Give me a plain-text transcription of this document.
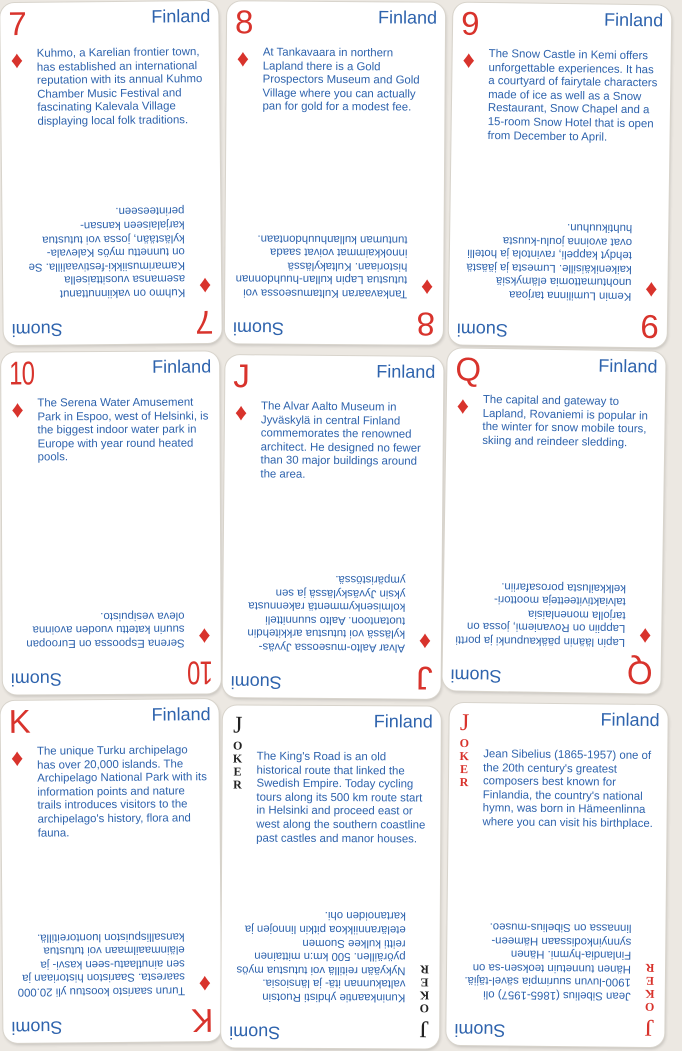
7
♦
Finland
Kuhmo, a Karelian frontier town, has established an international reputation with its annual Kuhmo Chamber Music Festival and fascinating Kalevala Village displaying local folk traditions.
7
♦
Suomi
Kuhmo on vakiinnuttanut asemansa vuosittaisella Kamarimusiikki-festivaalilla. Se on tunnettu myös Kalevala-kylästään, jossa voi tutustua karjalaiseen kansan-perinteeseen.
8
♦
Finland
At Tankavaara in northern Lapland there is a Gold Prospectors Museum and Gold Village where you can actually pan for gold for a modest fee.
8
♦
Suomi
Tankavaaran Kultamuseossa voi tutustua Lapin kullan-huuhdonnan historiaan. Kultakylässä innokkaimmat voivat saada tuntuman kullanhuuhdontaan.
9
♦
Finland
The Snow Castle in Kemi offers unforgettable experiences. It has a courtyard of fairytale characters made of ice as well as a Snow Restaurant, Snow Chapel and a 15-room Snow Hotel that is open from December to April.
9
♦
Suomi
Kemin Lumilinna tarjoaa unohtumattomia elämyksiä kaikenikäisille. Lumesta ja jäästä tehdyt kappeli, ravintola ja hotelli ovat avoinna joulu-kuusta huhtikuuhun.
10
♦
Finland
The Serena Water Amusement Park in Espoo, west of Helsinki, is the biggest indoor water park in Europe with year round heated pools.
10
♦
Suomi
Serena Espoossa on Euroopan suurin katettu vuoden avoinna oleva vesipuisto.
J
♦
Finland
The Alvar Aalto Museum in Jyväskylä in central Finland commemorates the renowned architect. He designed no fewer than 30 major buildings around the area.
J
♦
Suomi
Alvar Aalto-museossa Jyväs-kylässä voi tutustua arkkitehdin tuotantoon. Aalto suunnitteli kolmisenkymmentä rakennusta yksin Jyväskylässä ja sen ympäristössä.
Q
♦
Finland
The capital and gateway to Lapland, Rovaniemi is popular in the winter for snow mobile tours, skiing and reindeer sledding.
Q
♦
Suomi
Lapin läänin pääkaupunki ja portti Lappiin on Rovaniemi, jossa on tarjolla monenlaisia talviaktiviteetteja moottori-kelkkailusta porosafariin.
K
♦
Finland
The unique Turku archipelago has over 20,000 islands. The Archipelago National Park with its information points and nature trails introduces visitors to the archipelago's history, flora and fauna.
K
♦
Suomi
Turun saaristo koostuu yli 20.000 saaresta. Saariston historiaan ja sen ainutlaatu-seen kasvi- ja eläinmaailmaan voi tutustua kansallispuiston luontoreitillä.
J
O
K
E
R
Finland
The King's Road is an old historical route that linked the Swedish Empire. Today cycling tours along its 500 km route start in Helsinki and proceed east or west along the southern coastline past castles and manor houses.
J
O
K
E
R
Suomi
Kuninkaantie yhdisti Ruotsin valtakunnan itä- ja länsiosia. Nykyään reitillä voi tutustua myös pyöräillen. 500 km:n mittainen reitti kulkee Suomen eteläranniikkoa pitkin linnojen ja kartanoiden ohi.
J
O
K
E
R
Finland
Jean Sibelius (1865-1957) one of the 20th century's greatest composers best known for Finlandia, the country's national hymn, was born in Hämeenlinna where you can visit his birthplace.
J
O
K
E
R
Suomi
Jean Sibelius (1865-1957) oli 1900-luvun suurimpia sävel-täjiä. Hänen tunnetuin teoksen-sa on Finlandia-hymni. Hänen synnyinkodissaan Hämeen-linnassa on Sibelius-museo.
